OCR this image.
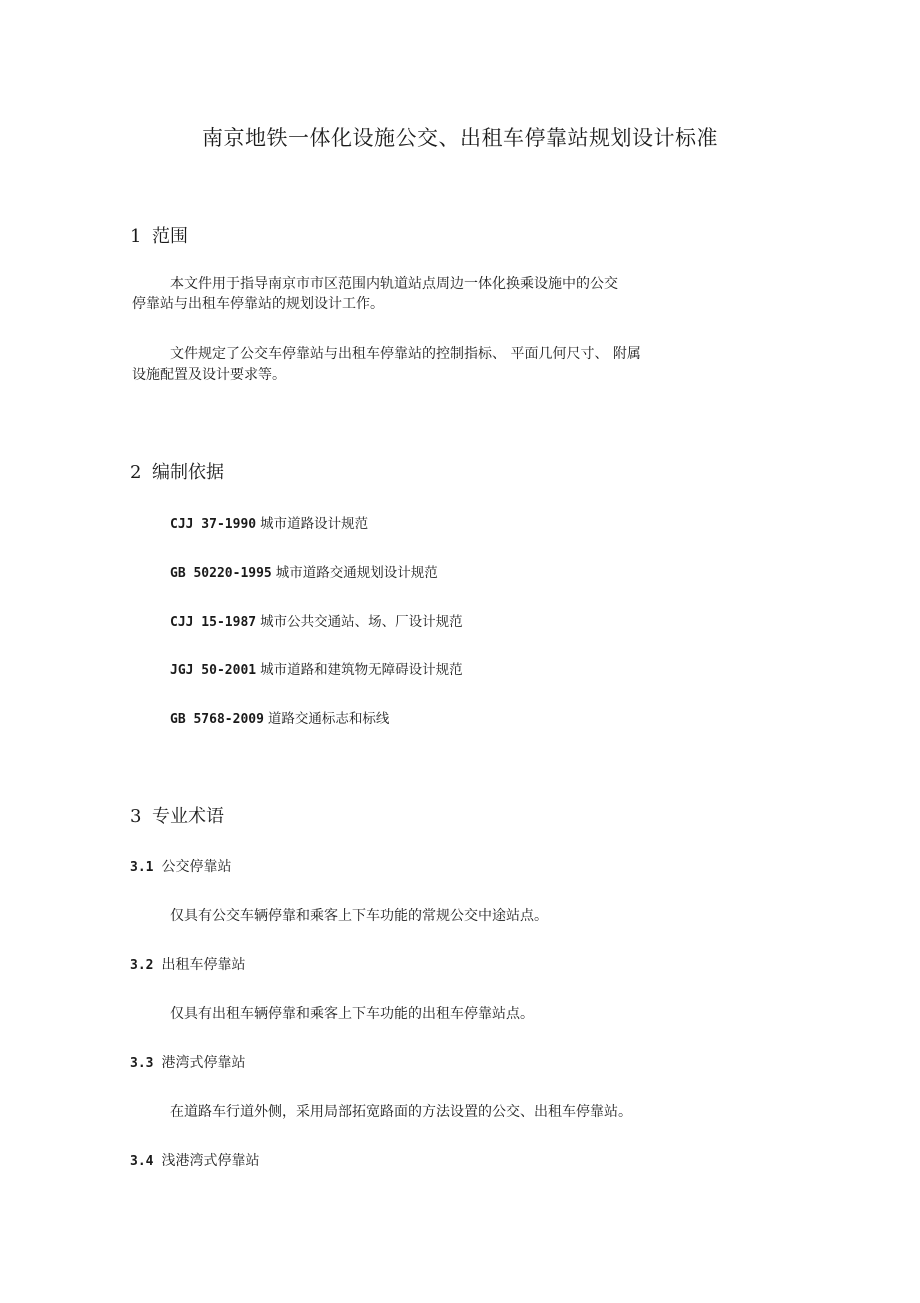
南京地铁一体化设施公交、出租车停靠站规划设计标准
1 范围
本文件用于指导南京市市区范围内轨道站点周边一体化换乘设施中的公交
停靠站与出租车停靠站的规划设计工作。
文件规定了公交车停靠站与出租车停靠站的控制指标、 平面几何尺寸、 附属
设施配置及设计要求等。
2 编制依据
CJJ 37-1990 城市道路设计规范
GB 50220-1995 城市道路交通规划设计规范
CJJ 15-1987 城市公共交通站、场、厂设计规范
JGJ 50-2001 城市道路和建筑物无障碍设计规范
GB 5768-2009 道路交通标志和标线
3 专业术语
3.1 公交停靠站
仅具有公交车辆停靠和乘客上下车功能的常规公交中途站点。
3.2 出租车停靠站
仅具有出租车辆停靠和乘客上下车功能的出租车停靠站点。
3.3 港湾式停靠站
在道路车行道外侧，采用局部拓宽路面的方法设置的公交、出租车停靠站。
3.4 浅港湾式停靠站
